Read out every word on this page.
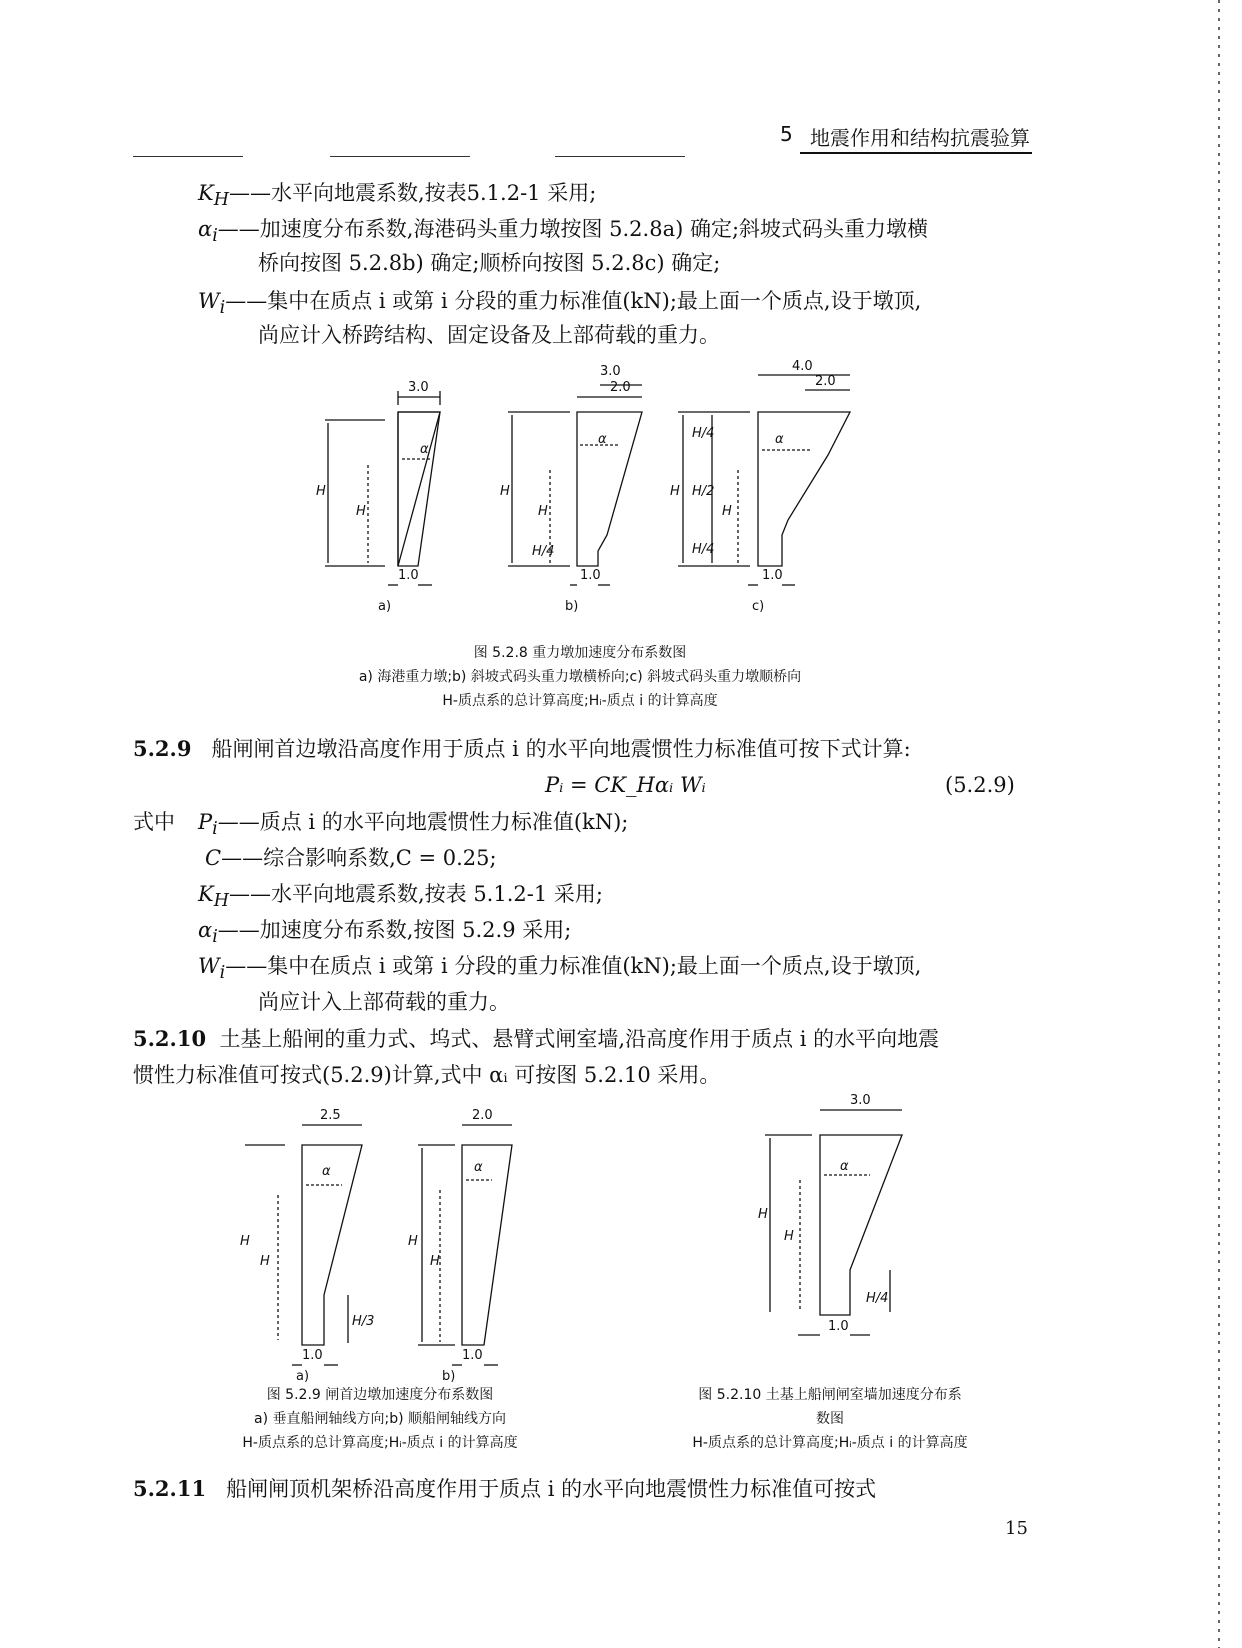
5 地震作用和结构抗震验算
$K_H——$水平向地震系数,按表5.1.2-1 采用;
$\alpha_i——$加速度分布系数,海港码头重力墩按图 5.2.8a) 确定;斜坡式码头重力墩横
桥向按图 5.2.8b) 确定;顺桥向按图 5.2.8c) 确定;
$W_i——$集中在质点 i 或第 i 分段的重力标准值(kN);最上面一个质点,设于墩顶,
尚应计入桥跨结构、固定设备及上部荷载的重力。
3.0
1.0
H
H
α
a)
3.0
2.0
1.0
H
H
H/4
α
b)
4.0
2.0
1.0
H
H/4
H/2
H/4
H
α
c)
图 5.2.8 重力墩加速度分布系数图
a) 海港重力墩;b) 斜坡式码头重力墩横桥向;c) 斜坡式码头重力墩顺桥向
H-质点系的总计算高度;Hᵢ-质点 i 的计算高度
5.2.9 船闸闸首边墩沿高度作用于质点 i 的水平向地震惯性力标准值可按下式计算:
Pᵢ = CK_Hαᵢ Wᵢ	(5.2.9)
式中 $P_i——$质点 i 的水平向地震惯性力标准值(kN);
C——综合影响系数,C = 0.25;
$K_H——$水平向地震系数,按表 5.1.2-1 采用;
$\alpha_i——$加速度分布系数,按图 5.2.9 采用;
$W_i——$集中在质点 i 或第 i 分段的重力标准值(kN);最上面一个质点,设于墩顶,
尚应计入上部荷载的重力。
5.2.10 土基上船闸的重力式、坞式、悬臂式闸室墙,沿高度作用于质点 i 的水平向地震
惯性力标准值可按式(5.2.9)计算,式中 αᵢ 可按图 5.2.10 采用。
2.5
1.0
H
H
H/3
α
a)
2.0
1.0
H
H
α
b)
3.0
1.0
H
H
α
H/4
图 5.2.9 闸首边墩加速度分布系数图
a) 垂直船闸轴线方向;b) 顺船闸轴线方向
H-质点系的总计算高度;Hᵢ-质点 i 的计算高度
图 5.2.10 土基上船闸闸室墙加速度分布系
数图
H-质点系的总计算高度;Hᵢ-质点 i 的计算高度
5.2.11 船闸闸顶机架桥沿高度作用于质点 i 的水平向地震惯性力标准值可按式
15
